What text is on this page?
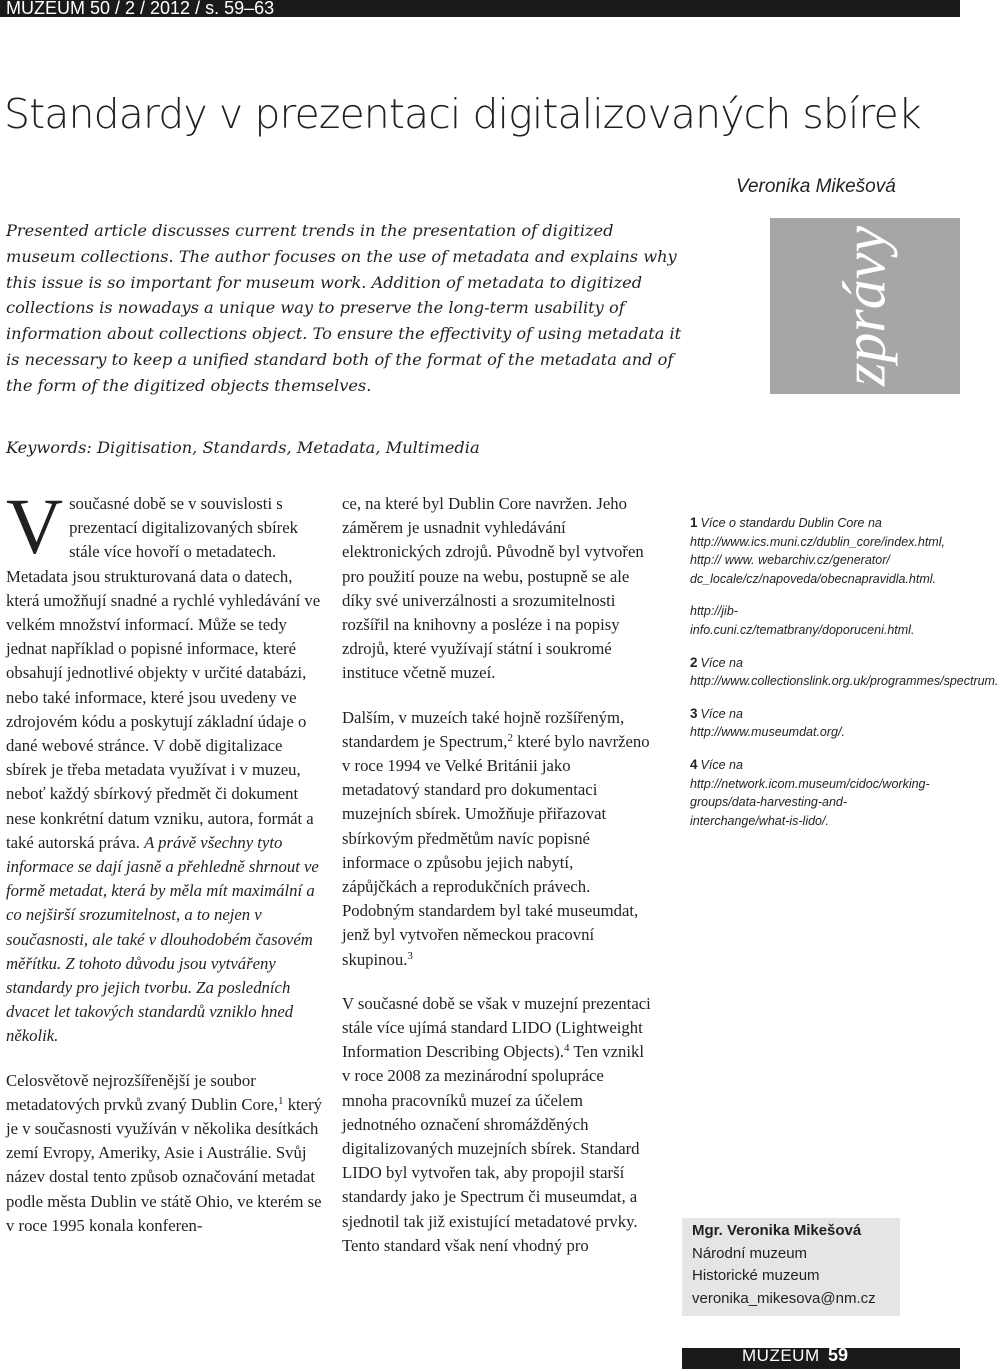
MUZEUM 50 / 2 / 2012 / s. 59–63
Standardy v prezentaci digitalizovaných sbírek
Veronika Mikešová
Presented article discusses current trends in the presentation of digitized museum collections. The author focuses on the use of metadata and explains why this issue is so important for museum work. Addition of metadata to digitized collections is nowadays a unique way to preserve the long-term usability of information about collections object. To ensure the effectivity of using metadata it is necessary to keep a unified standard both of the format of the metadata and of the form of the digitized objects themselves.
Keywords: Digitisation, Standards, Metadata, Multimedia
zprávy

Vsoučasné době se v souvislosti s prezentací digitalizovaných sbírek stále více hovoří o metadatech. Metadata jsou strukturovaná data o datech, která umožňují snadné a rychlé vyhledávání ve velkém množství informací. Může se tedy jednat například o popisné informace, které obsahují jednotlivé objekty v určité databázi, nebo také informace, které jsou uvedeny ve zdrojovém kódu a poskytují základní údaje o dané webové stránce. V době digitalizace sbírek je třeba metadata využívat i v muzeu, neboť každý sbírkový předmět či dokument nese konkrétní datum vzniku, autora, formát a také autorská práva. A právě všechny tyto informace se dají jasně a přehledně shrnout ve formě metadat, která by měla mít maximální a co nejširší srozumitelnost, a to nejen v současnosti, ale také v dlouhodobém časovém měřítku. Z tohoto důvodu jsou vytvářeny standardy pro jejich tvorbu. Za posledních dvacet let takových standardů vzniklo hned několik.

Celosvětově nejrozšířenější je soubor metadatových prvků zvaný Dublin Core,$^1$ který je v současnosti využíván v několika desítkách zemí Evropy, Ameriky, Asie i Austrálie. Svůj název dostal tento způsob označování metadat podle města Dublin ve státě Ohio, ve kterém se v roce 1995 konala konferen-

ce, na které byl Dublin Core navržen. Jeho záměrem je usnadnit vyhledávání elektronických zdrojů. Původně byl vytvořen pro použití pouze na webu, postupně se ale díky své univerzálnosti a srozumitelnosti rozšířil na knihovny a posléze i na popisy zdrojů, které využívají státní i soukromé instituce včetně muzeí.

Dalším, v muzeích také hojně rozšířeným, standardem je Spectrum,$^2$ které bylo navrženo v roce 1994 ve Velké Británii jako metadatový standard pro dokumentaci muzejních sbírek. Umožňuje přiřazovat sbírkovým předmětům navíc popisné informace o způsobu jejich nabytí, zápůjčkách a reprodukčních právech. Podobným standardem byl také museumdat, jenž byl vytvořen německou pracovní skupinou.$^3$

V současné době se však v muzejní prezentaci stále více ujímá standard LIDO (Lightweight Information Describing Objects).$^4$ Ten vznikl v roce 2008 za mezinárodní spolupráce mnoha pracovníků muzeí za účelem jednotného označení shromážděných digitalizovaných muzejních sbírek. Standard LIDO byl vytvořen tak, aby propojil starší standardy jako je Spectrum či museumdat, a sjednotil tak již existující metadatové prvky. Tento standard však není vhodný pro

1 Více o standardu Dublin Core na http://www.ics.muni.cz/dublin_core/index.html, http:// www. webarchiv.cz/generator/ dc_locale/cz/napoveda/obecnapravidla.html.

http://jib-info.cuni.cz/tematbrany/doporuceni.html.

2 Více na http://www.collectionslink.org.uk/programmes/spectrum.

3 Více na http://www.museumdat.org/.

4 Více na http://network.icom.museum/cidoc/working-groups/data-harvesting-and-interchange/what-is-lido/.

Mgr. Veronika Mikešová
Národní muzeum
Historické muzeum
veronika_mikesova@nm.cz
MUZEUM 59
